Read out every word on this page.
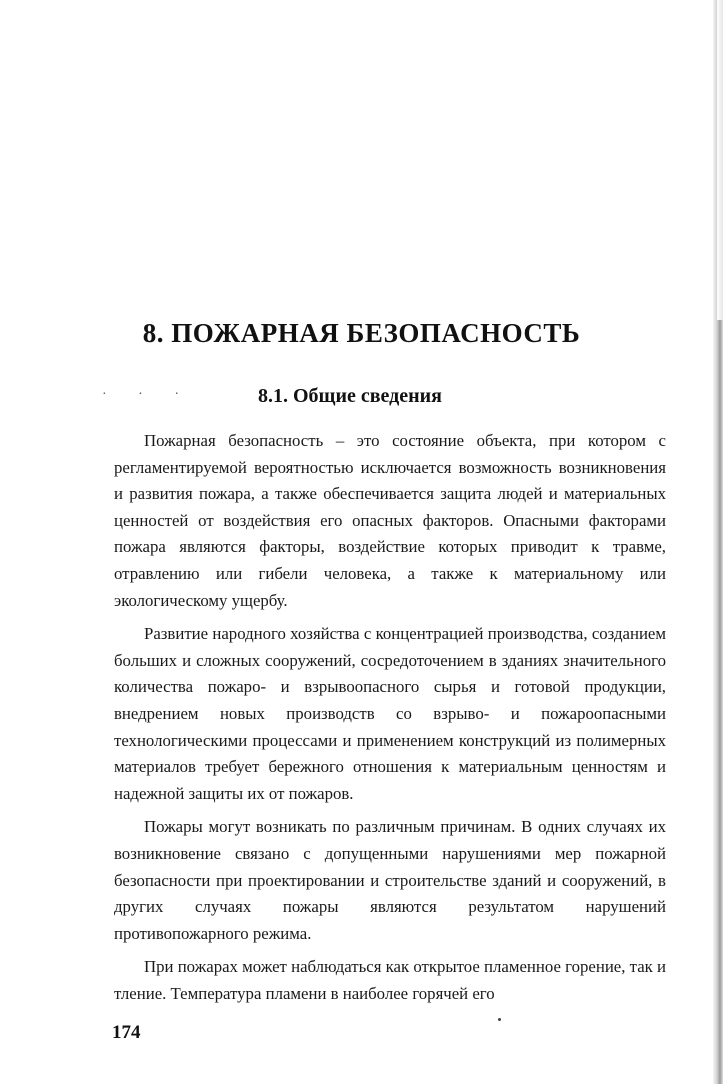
8. ПОЖАРНАЯ БЕЗОПАСНОСТЬ
· · ·	8.1. Общие сведения

Пожарная безопасность – это состояние объекта, при котором с регламентируемой вероятностью исключается возможность возникновения и развития пожара, а также обеспечивается защита людей и материальных ценностей от воздействия его опасных факторов. Опасными факторами пожара являются факторы, воздействие которых приводит к травме, отравлению или гибели человека, а также к материальному или экологическому ущербу.

Развитие народного хозяйства с концентрацией производства, созданием больших и сложных сооружений, сосредоточением в зданиях значительного количества пожаро- и взрывоопасного сырья и готовой продукции, внедрением новых производств со взрыво- и пожароопасными технологическими процессами и применением конструкций из полимерных материалов требует бережного отношения к материальным ценностям и надежной защиты их от пожаров.

Пожары могут возникать по различным причинам. В одних случаях их возникновение связано с допущенными нарушениями мер пожарной безопасности при проектировании и строительстве зданий и сооружений, в других случаях пожары являются результатом нарушений противопожарного режима.

При пожарах может наблюдаться как открытое пламенное горение, так и тление. Температура пламени в наиболее горячей его

174
